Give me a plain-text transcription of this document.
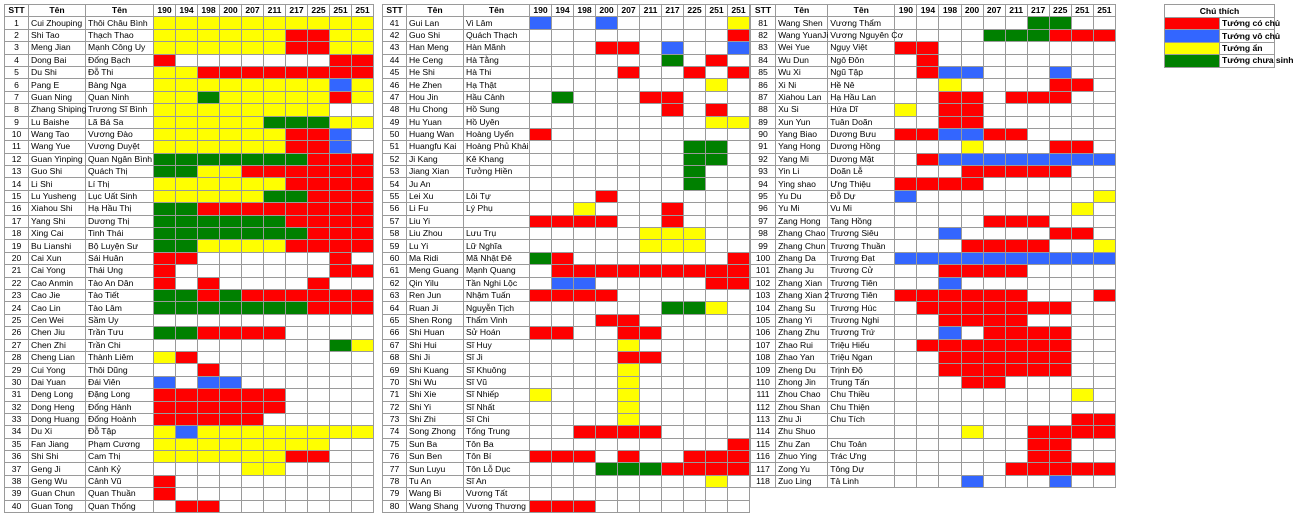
STT	Tên	Tên	190	194	198	200	207	211	217	225	251	251
1	Cui Zhouping	Thôi Châu Bình										
2	Shi Tao	Thạch Thao										
3	Meng Jian	Mạnh Công Uy										
4	Dong Bai	Đổng Bạch										
5	Du Shi	Đỗ Thi										
6	Pang E	Bàng Nga										
7	Guan Ning	Quan Ninh										
8	Zhang Shiping	Trương Sĩ Bình										
9	Lu Baishe	Lã Bá Sa										
10	Wang Tao	Vương Đào										
11	Wang Yue	Vương Duyệt										
12	Guan Yinping	Quan Ngân Bình										
13	Guo Shi	Quách Thị										
14	Li Shi	Lí Thị										
15	Lu Yusheng	Lục Uất Sinh										
16	Xiahou Shi	Hạ Hầu Thị										
17	Yang Shi	Dương Thị										
18	Xing Cai	Tinh Thái										
19	Bu Lianshi	Bộ Luyện Sư										
20	Cai Xun	Sái Huân										
21	Cai Yong	Thái Ung										
22	Cao Anmin	Tào An Dân										
23	Cao Jie	Tào Tiết										
24	Cao Lin	Tào Lâm										
25	Cen Wei	Sầm Uy										
26	Chen Jiu	Trần Tưu										
27	Chen Zhi	Trần Chi										
28	Cheng Lian	Thành Liêm										
29	Cui Yong	Thôi Dũng										
30	Dai Yuan	Đái Viên										
31	Deng Long	Đặng Long										
32	Dong Heng	Đổng Hành										
33	Dong Huang	Đổng Hoành										
34	Du Xi	Đỗ Tập										
35	Fan Jiang	Phạm Cương										
36	Shi Shi	Cam Thị										
37	Geng Ji	Cảnh Kỷ										
38	Geng Wu	Cảnh Vũ										
39	Guan Chun	Quan Thuần										
40	Guan Tong	Quan Thống										
STT	Tên	Tên	190	194	198	200	207	211	217	225	251	251
41	Gui Lan	Vi Lâm										
42	Guo Shi	Quách Thạch										
43	Han Meng	Hàn Mãnh										
44	He Ceng	Hà Tằng										
45	He Shi	Hà Thi										
46	He Zhen	Hạ Thật										
47	Hou Jin	Hầu Cảnh										
48	Hu Chong	Hồ Sung										
49	Hu Yuan	Hồ Uyên										
50	Huang Wan	Hoàng Uyển										
51	Huangfu Kai	Hoàng Phủ Khải										
52	Ji Kang	Kê Khang										
53	Jiang Xian	Tưởng Hiền										
54	Ju An											
55	Lei Xu	Lôi Tự										
56	Li Fu	Lý Phụ										
57	Liu Yi											
58	Liu Zhou	Lưu Trụ										
59	Lu Yi	Lữ Nghĩa										
60	Ma Ridi	Mã Nhật Đê										
61	Meng Guang	Mạnh Quang										
62	Qin Yilu	Tần Nghi Lộc										
63	Ren Jun	Nhậm Tuấn										
64	Ruan Ji	Nguyễn Tịch										
65	Shen Rong	Thẩm Vinh										
66	Shi Huan	Sử Hoán										
67	Shi Hui	Sĩ Huy										
68	Shi Ji	Sĩ Ji										
69	Shi Kuang	Sĩ Khuông										
70	Shi Wu	Sĩ Vũ										
71	Shi Xie	Sĩ Nhiếp										
72	Shi Yi	Sĩ Nhất										
73	Shi Zhi	Sĩ Chi										
74	Song Zhong	Tống Trung										
75	Sun Ba	Tôn Ba										
76	Sun Ben	Tôn Bí										
77	Sun Luyu	Tôn Lỗ Dục										
78	Tu An	Sĩ An										
79	Wang Bi	Vương Tất										
80	Wang Shang	Vương Thương										
STT	Tên	Tên	190	194	198	200	207	211	217	225	251	251
81	Wang Shen	Vương Thẩm										
82	Wang YuanJi	Vương Nguyên Cơ										
83	Wei Yue	Ngụy Việt										
84	Wu Dun	Ngô Đôn										
85	Wu Xi	Ngũ Tập										
86	Xi Ni	Hề Nê										
87	Xiahou Lan	Hạ Hầu Lan										
88	Xu Si	Hứa Dĩ										
89	Xun Yun	Tuân Doãn										
90	Yang Biao	Dương Bưu										
91	Yang Hong	Dương Hồng										
92	Yang Mi	Dương Mật										
93	Yin Li	Doãn Lễ										
94	Ying shao	Ưng Thiệu										
95	Yu Du	Đỗ Dự										
96	Yu Mi	Vu Mi										
97	Zang Hong	Tang Hồng										
98	Zhang Chao	Trương Siêu										
99	Zhang Chun	Trương Thuần										
100	Zhang Da	Trương Đạt										
101	Zhang Ju	Trương Cử										
102	Zhang Xian	Trương Tiên										
103	Zhang Xian 2	Trương Tiên										
104	Zhang Su	Trương Húc										
105	Zhang Yi	Trương Nghi										
106	Zhang Zhu	Trương Trứ										
107	Zhao Rui	Triệu Hiếu										
108	Zhao Yan	Triệu Ngan										
109	Zheng Du	Trịnh Độ										
110	Zhong Jin	Trung Tấn										
111	Zhou Chao	Chu Thiều										
112	Zhou Shan	Chu Thiện										
113	Zhu Ji	Chu Tích										
114	Zhu Shuo											
115	Zhu Zan	Chu Toản										
116	Zhuo Ying	Trác Ưng										
117	Zong Yu	Tông Dự										
118	Zuo Ling	Tả Linh										
Chú thích	
	Tướng có chủ
	Tướng vô chủ
	Tướng ẩn
	Tướng chưa sinh
